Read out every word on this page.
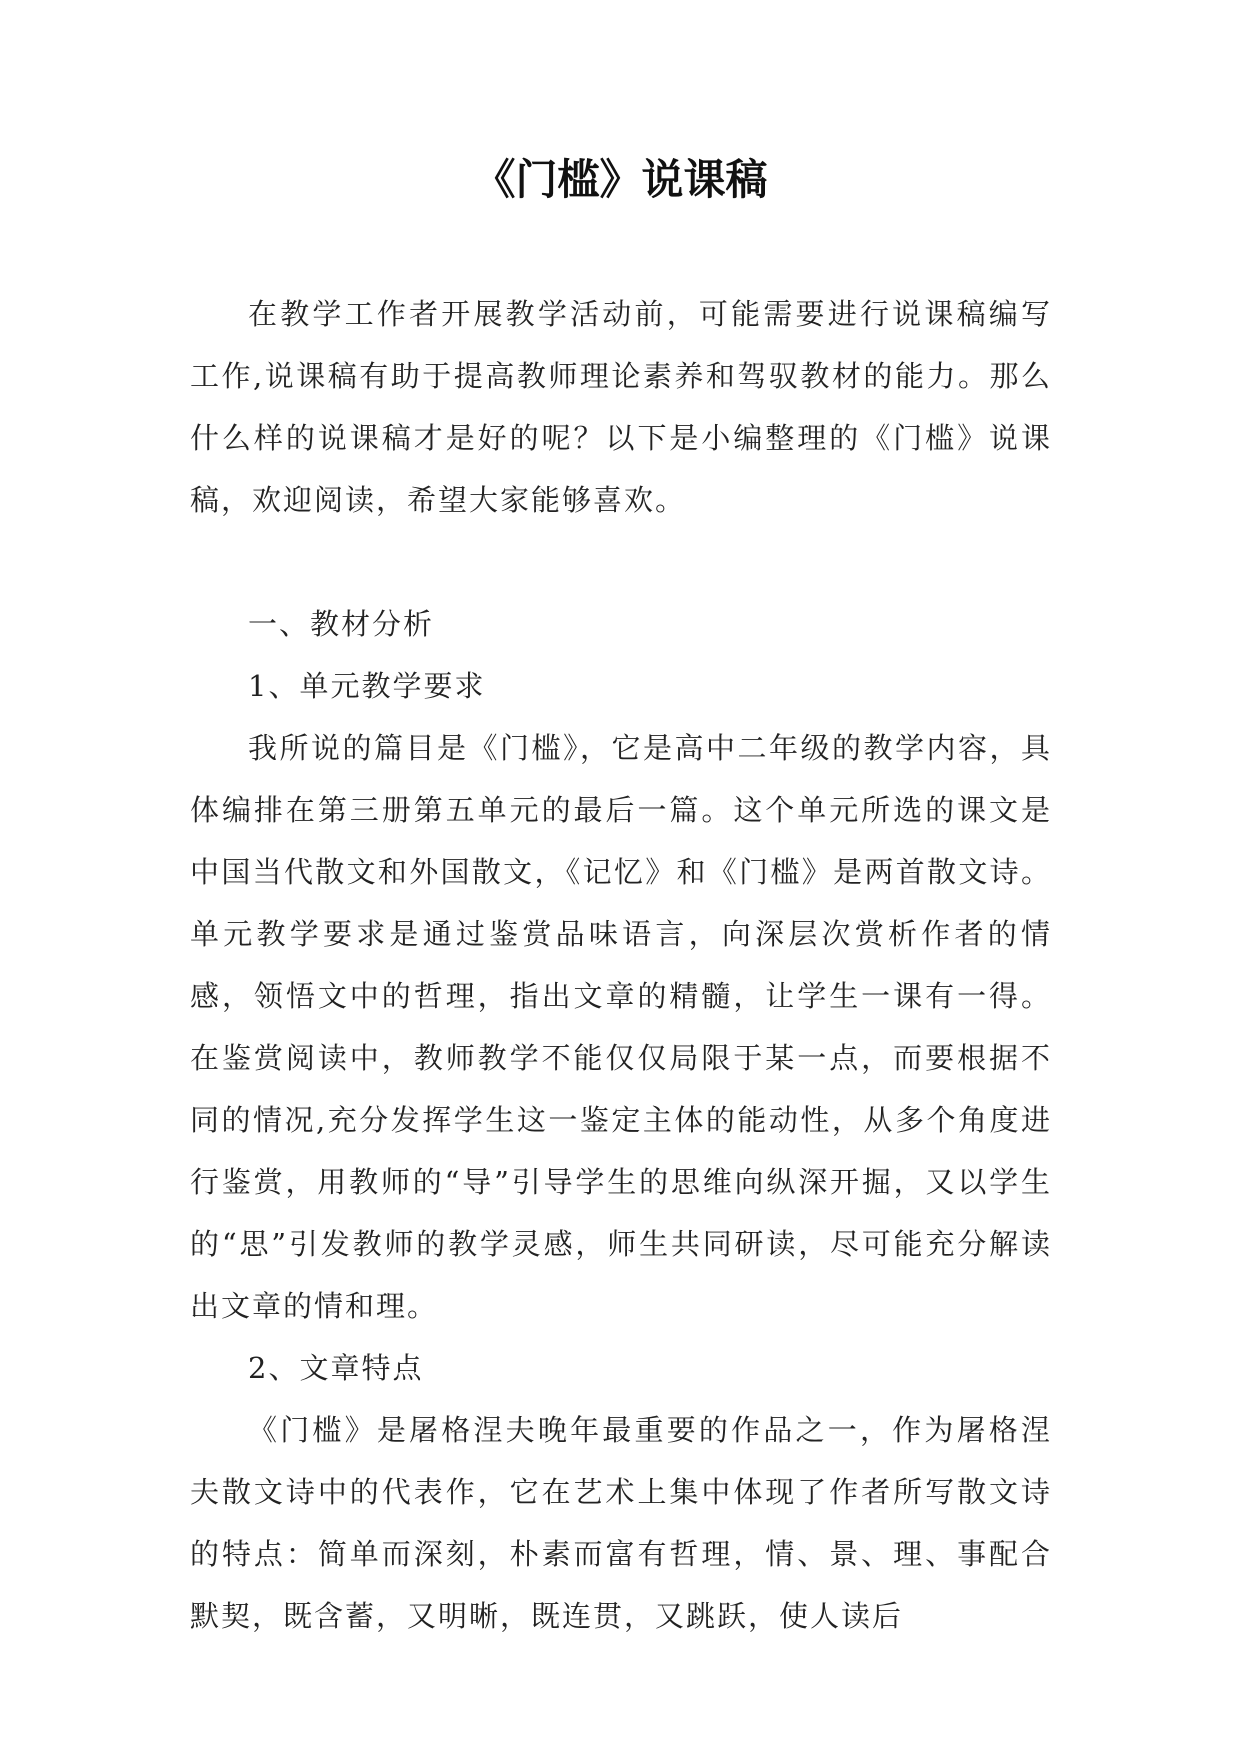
《门槛》说课稿

在教学工作者开展教学活动前，可能需要进行说课稿编写工作,说课稿有助于提高教师理论素养和驾驭教材的能力。那么什么样的说课稿才是好的呢？以下是小编整理的《门槛》说课稿，欢迎阅读，希望大家能够喜欢。

一、教材分析

1、单元教学要求

我所说的篇目是《门槛》，它是高中二年级的教学内容，具体编排在第三册第五单元的最后一篇。这个单元所选的课文是中国当代散文和外国散文，《记忆》和《门槛》是两首散文诗。单元教学要求是通过鉴赏品味语言，向深层次赏析作者的情感，领悟文中的哲理，指出文章的精髓，让学生一课有一得。在鉴赏阅读中，教师教学不能仅仅局限于某一点，而要根据不同的情况,充分发挥学生这一鉴定主体的能动性，从多个角度进行鉴赏，用教师的“导”引导学生的思维向纵深开掘，又以学生的“思”引发教师的教学灵感，师生共同研读，尽可能充分解读出文章的情和理。

2、文章特点

《门槛》是屠格涅夫晚年最重要的作品之一，作为屠格涅夫散文诗中的代表作，它在艺术上集中体现了作者所写散文诗的特点：简单而深刻，朴素而富有哲理，情、景、理、事配合默契，既含蓄，又明晰，既连贯，又跳跃，使人读后
